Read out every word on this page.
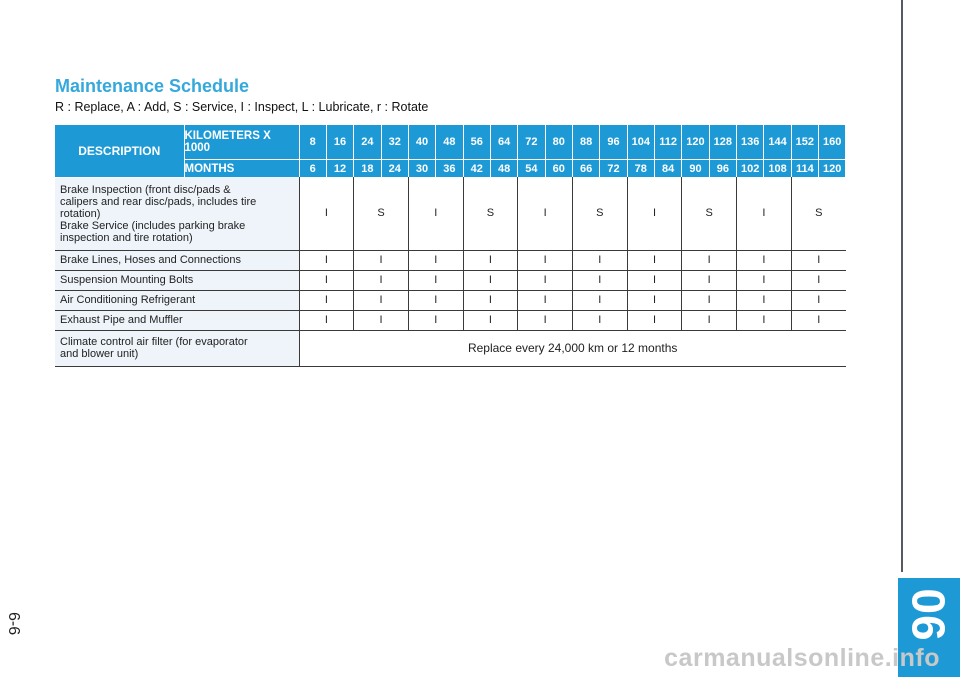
06
6-6
Maintenance Schedule
R : Replace, A : Add, S : Service, I : Inspect, L : Lubricate, r : Rotate
DESCRIPTION	KILOMETERS X 1000	8	16	24	32	40	48	56	64	72	80	88	96	104	112	120	128	136	144	152	160
	MONTHS	6	12	18	24	30	36	42	48	54	60	66	72	78	84	90	96	102	108	114	120

Brake Inspection (front disc/pads &
calipers and rear disc/pads, includes tire
rotation)
Brake Service (includes parking brake
inspection and tire rotation)		I		S		I		S		I		S		I		S		I		S	

Brake Lines, Hoses and Connections		I		I		I		I		I		I		I		I		I		I	

Suspension Mounting Bolts		I		I		I		I		I		I		I		I		I		I	

Air Conditioning Refrigerant		I		I		I		I		I		I		I		I		I		I	

Exhaust Pipe and Muffler		I		I		I		I		I		I		I		I		I		I	

Climate control air filter (for evaporator
and blower unit)		Replace every 24,000 km or 12 months																			
carmanualsonline.info
